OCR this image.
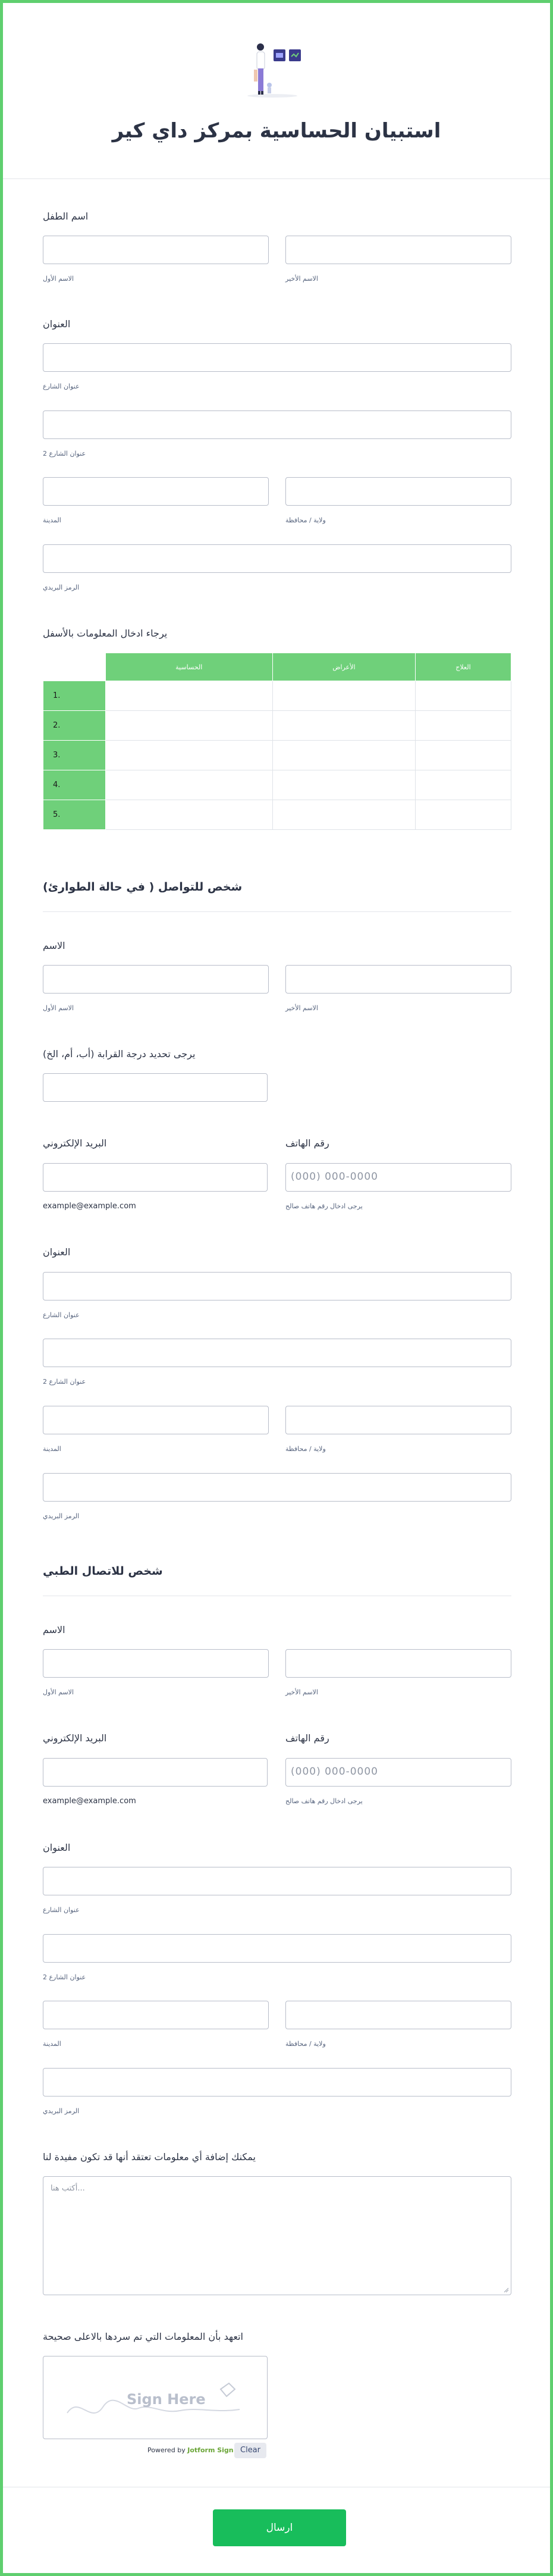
استبيان الحساسية بمركز داي كير
اسم الطفل
الاسم الأول	الاسم الأخير
العنوان
عنوان الشارع
عنوان الشارع 2
المدينة	ولاية / محافظة
الرمز البريدي
يرجاء ادخال المعلومات بالأسفل
	الحساسية	الأعراض	العلاج
1.			
2.			
3.			
4.			
5.			
شخص للتواصل ( في حالة الطوارئ)
الاسم
الاسم الأول	الاسم الأخير
يرجى تحديد درجة القرابة (أب، أم، الخ)
البريد الإلكتروني	رقم الهاتف
(000) 000-0000
example@example.com	يرجى ادخال رقم هاتف صالح
العنوان
عنوان الشارع
عنوان الشارع 2
المدينة	ولاية / محافظة
الرمز البريدي
شخص للاتصال الطبي
الاسم
الاسم الأول	الاسم الأخير
البريد الإلكتروني	رقم الهاتف
(000) 000-0000
example@example.com	يرجى ادخال رقم هاتف صالح
العنوان
عنوان الشارع
عنوان الشارع 2
المدينة	ولاية / محافظة
الرمز البريدي
يمكنك إضافة أي معلومات تعتقد أنها قد تكون مفيدة لنا
أكتب هنا...
اتعهد بأن المعلومات التي تم سردها بالاعلى صحيحة
Sign Here
Powered by Jotform Sign Clear
ارسال
